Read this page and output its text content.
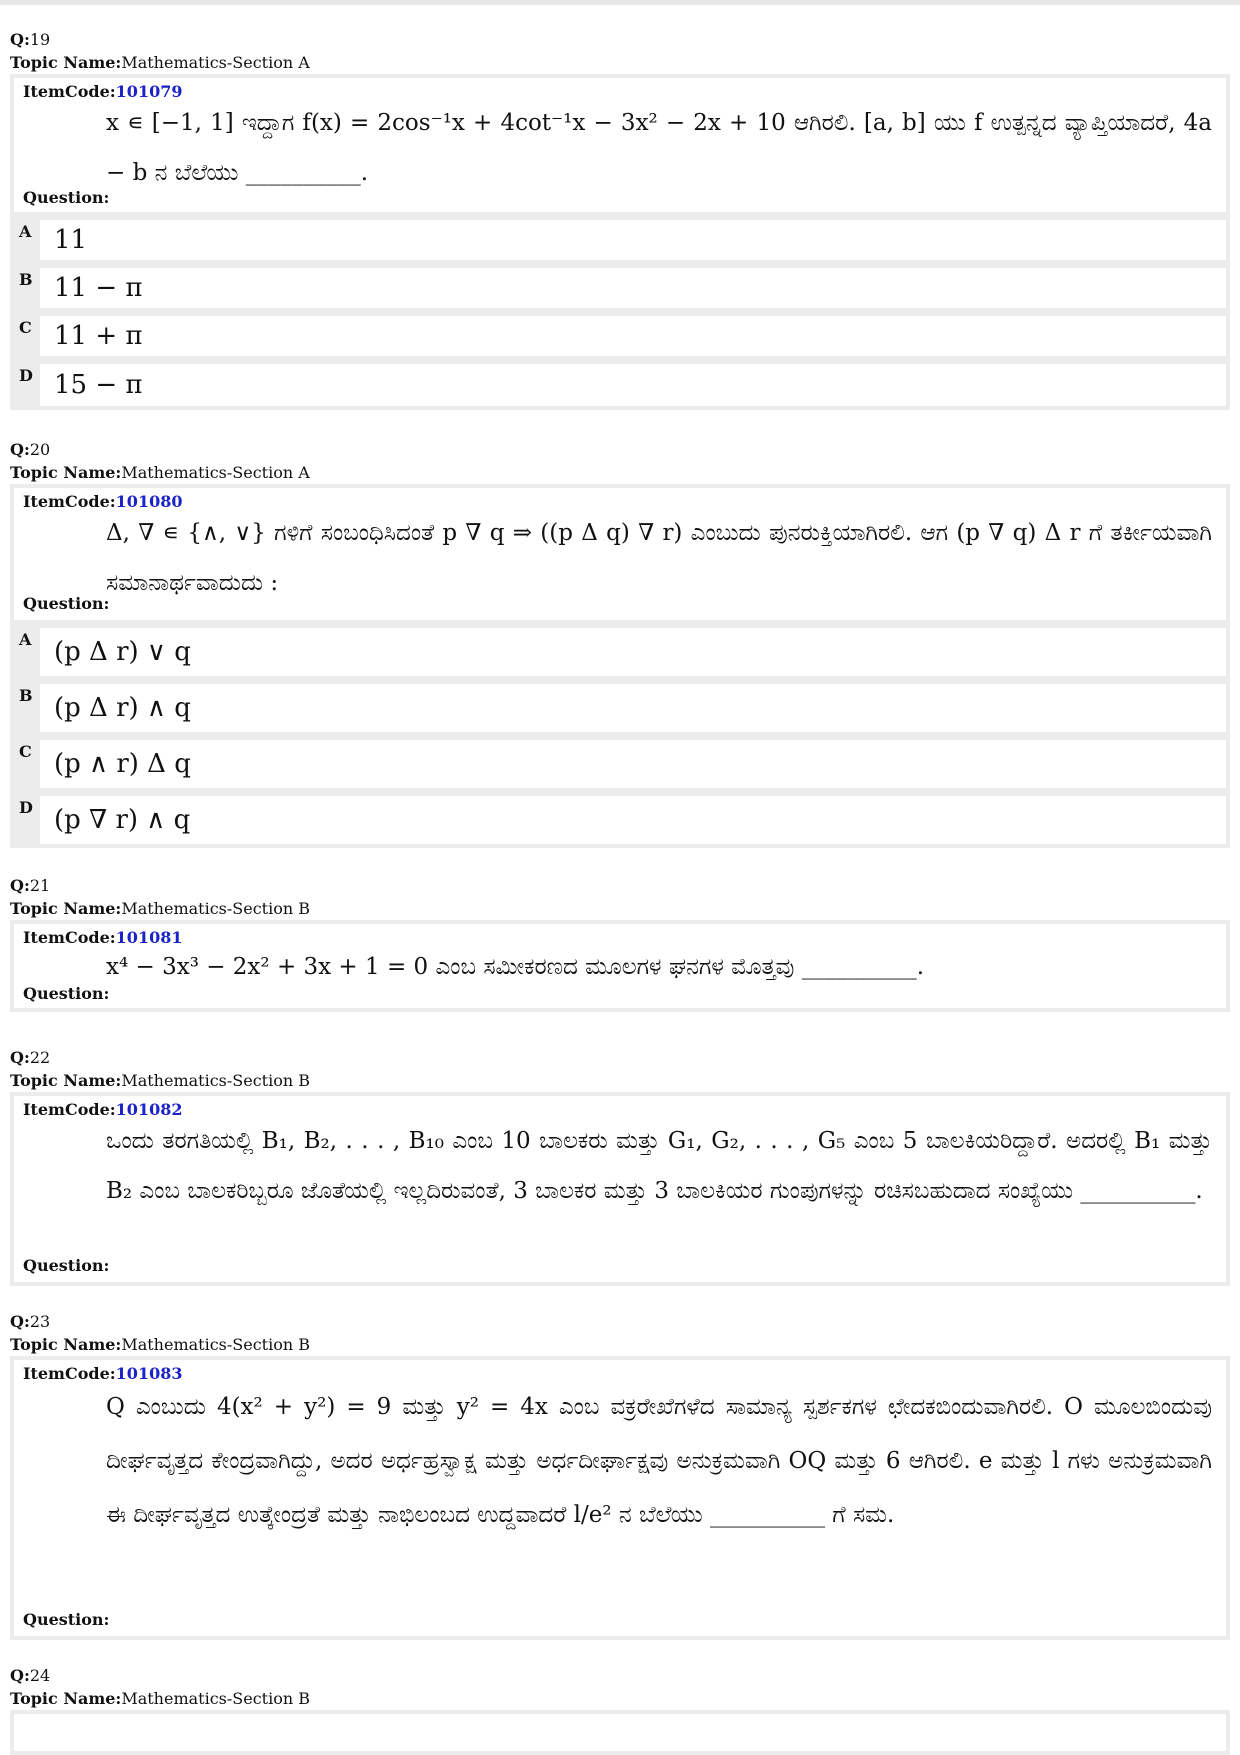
Q:19
Topic Name:Mathematics-Section A
ItemCode:101079
x ∊ [−1, 1] ಇದ್ದಾಗ f(x) = 2cos⁻¹x + 4cot⁻¹x − 3x² − 2x + 10 ಆಗಿರಲಿ. [a, b] ಯು f ಉತ್ಪನ್ನದ ವ್ಯಾಪ್ತಿಯಾದರೆ, 4a − b ನ ಬೆಲೆಯು __________.
Question:
A 11
B 11 − π
C 11 + π
D 15 − π
Q:20
Topic Name:Mathematics-Section A
ItemCode:101080
Δ, ∇ ∊ {∧, ∨} ಗಳಿಗೆ ಸಂಬಂಧಿಸಿದಂತೆ p ∇ q ⇒ ((p Δ q) ∇ r) ಎಂಬುದು ಪುನರುಕ್ತಿಯಾಗಿರಲಿ. ಆಗ (p ∇ q) Δ r ಗೆ ತರ್ಕೀಯವಾಗಿ ಸಮಾನಾರ್ಥವಾದುದು :
Question:
A (p Δ r) ∨ q
B (p Δ r) ∧ q
C (p ∧ r) Δ q
D (p ∇ r) ∧ q
Q:21
Topic Name:Mathematics-Section B
ItemCode:101081
x⁴ − 3x³ − 2x² + 3x + 1 = 0 ಎಂಬ ಸಮೀಕರಣದ ಮೂಲಗಳ ಘನಗಳ ಮೊತ್ತವು __________.
Question:
Q:22
Topic Name:Mathematics-Section B
ItemCode:101082
ಒಂದು ತರಗತಿಯಲ್ಲಿ B₁, B₂, . . . , B₁₀ ಎಂಬ 10 ಬಾಲಕರು ಮತ್ತು G₁, G₂, . . . , G₅ ಎಂಬ 5 ಬಾಲಕಿಯರಿದ್ದಾರೆ. ಅದರಲ್ಲಿ B₁ ಮತ್ತು B₂ ಎಂಬ ಬಾಲಕರಿಬ್ಬರೂ ಜೊತೆಯಲ್ಲಿ ಇಲ್ಲದಿರುವಂತೆ, 3 ಬಾಲಕರ ಮತ್ತು 3 ಬಾಲಕಿಯರ ಗುಂಪುಗಳನ್ನು ರಚಿಸಬಹುದಾದ ಸಂಖ್ಯೆಯು __________.
Question:
Q:23
Topic Name:Mathematics-Section B
ItemCode:101083
Q ಎಂಬುದು 4(x² + y²) = 9 ಮತ್ತು y² = 4x ಎಂಬ ವಕ್ರರೇಖೆಗಳೆದ ಸಾಮಾನ್ಯ ಸ್ಪರ್ಶಕಗಳ ಛೇದಕಬಿಂದುವಾಗಿರಲಿ. O ಮೂಲಬಿಂದುವು ದೀರ್ಘವೃತ್ತದ ಕೇಂದ್ರವಾಗಿದ್ದು, ಅದರ ಅರ್ಧಹ್ರಸ್ವಾಕ್ಷ ಮತ್ತು ಅರ್ಧದೀರ್ಘಾಕ್ಷವು ಅನುಕ್ರಮವಾಗಿ OQ ಮತ್ತು 6 ಆಗಿರಲಿ. e ಮತ್ತು l ಗಳು ಅನುಕ್ರಮವಾಗಿ ಈ ದೀರ್ಘವೃತ್ತದ ಉತ್ಕೇಂದ್ರತೆ ಮತ್ತು ನಾಭಿಲಂಬದ ಉದ್ದವಾದರೆ l/e² ನ ಬೆಲೆಯು __________ ಗೆ ಸಮ.
Question:
Q:24
Topic Name:Mathematics-Section B
